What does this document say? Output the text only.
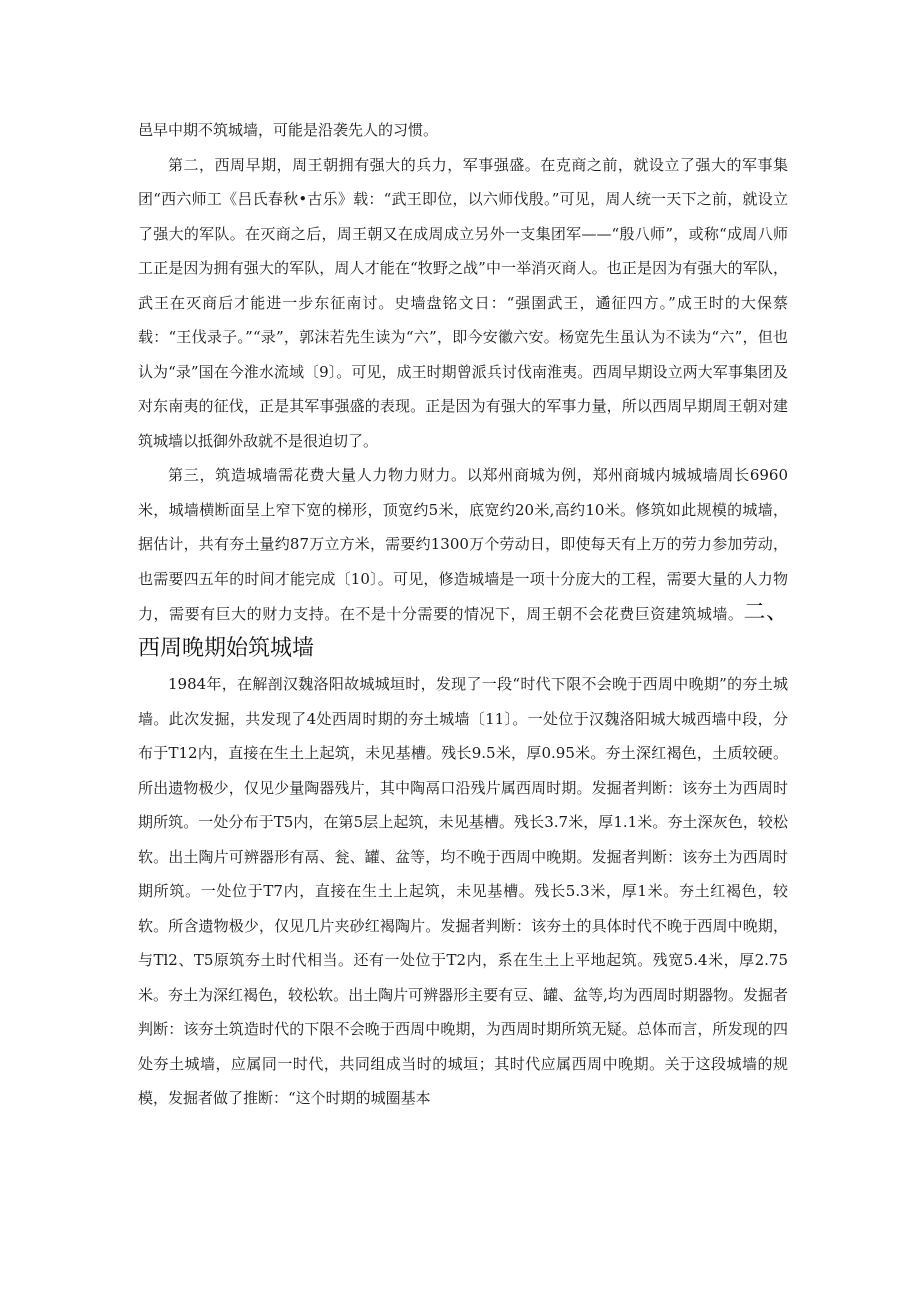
邑早中期不筑城墙，可能是沿袭先人的习惯。

第二，西周早期，周王朝拥有强大的兵力，军事强盛。在克商之前，就设立了强大的军事集团“西六师工《吕氏春秋•古乐》载：“武王即位，以六师伐殷。”可见，周人统一天下之前，就设立了强大的军队。在灭商之后，周王朝又在成周成立另外一支集团军——“殷八师”，或称“成周八师工正是因为拥有强大的军队，周人才能在“牧野之战”中一举消灭商人。也正是因为有强大的军队，武王在灭商后才能进一步东征南讨。史墙盘铭文日：“强圉武王，遹征四方。”成王时的大保蔡载：“王伐录子。”“录”，郭沫若先生读为“六”，即今安徽六安。杨宽先生虽认为不读为“六”，但也认为“录”国在今淮水流域〔9〕。可见，成王时期曾派兵讨伐南淮夷。西周早期设立两大军事集团及对东南夷的征伐，正是其军事强盛的表现。正是因为有强大的军事力量，所以西周早期周王朝对建筑城墙以抵御外敌就不是很迫切了。

第三，筑造城墙需花费大量人力物力财力。以郑州商城为例，郑州商城内城城墙周长6960米，城墙横断面呈上窄下宽的梯形，顶宽约5米，底宽约20米,高约10米。修筑如此规模的城墙，据估计，共有夯土量约87万立方米，需要约1300万个劳动日，即使每天有上万的劳力参加劳动，也需要四五年的时间才能完成〔10〕。可见，修造城墙是一项十分庞大的工程，需要大量的人力物力，需要有巨大的财力支持。在不是十分需要的情况下，周王朝不会花费巨资建筑城墙。二、西周晚期始筑城墙

1984年，在解剖汉魏洛阳故城城垣时，发现了一段“时代下限不会晚于西周中晚期”的夯土城墙。此次发掘，共发现了4处西周时期的夯土城墙〔11〕。一处位于汉魏洛阳城大城西墙中段，分布于T12内，直接在生土上起筑，未见基槽。残长9.5米，厚0.95米。夯土深红褐色，土质较硬。所出遗物极少，仅见少量陶器残片，其中陶鬲口沿残片属西周时期。发掘者判断：该夯土为西周时期所筑。一处分布于T5内，在第5层上起筑，未见基槽。残长3.7米，厚1.1米。夯土深灰色，较松软。出土陶片可辨器形有鬲、瓮、罐、盆等，均不晚于西周中晚期。发掘者判断：该夯土为西周时期所筑。一处位于T7内，直接在生土上起筑，未见基槽。残长5.3米，厚1米。夯土红褐色，较软。所含遗物极少，仅见几片夹砂红褐陶片。发掘者判断：该夯土的具体时代不晚于西周中晚期，与Tl2、T5原筑夯土时代相当。还有一处位于T2内，系在生土上平地起筑。残宽5.4米，厚2.75米。夯土为深红褐色，较松软。出土陶片可辨器形主要有豆、罐、盆等,均为西周时期器物。发掘者判断：该夯土筑造时代的下限不会晚于西周中晚期，为西周时期所筑无疑。总体而言，所发现的四处夯土城墙，应属同一时代，共同组成当时的城垣；其时代应属西周中晚期。关于这段城墙的规模，发掘者做了推断：“这个时期的城圈基本
